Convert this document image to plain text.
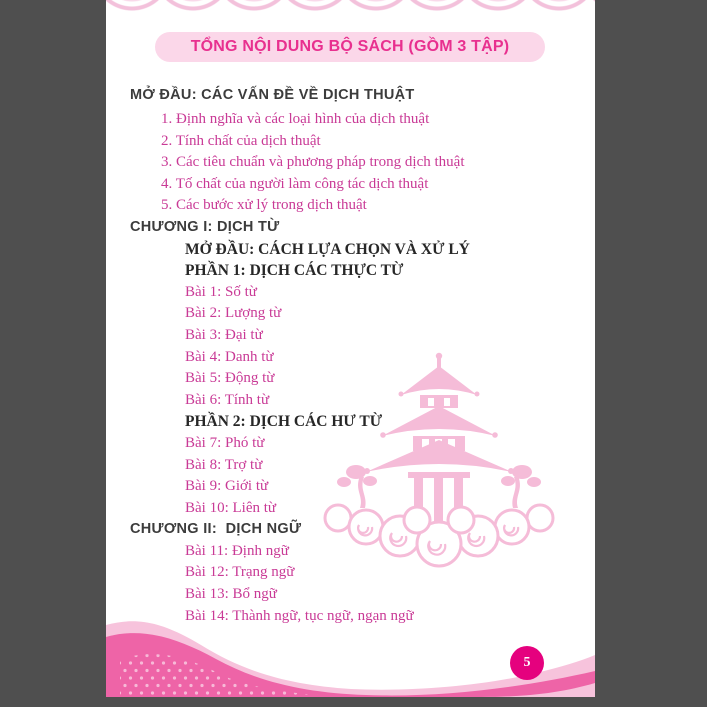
TỔNG NỘI DUNG BỘ SÁCH (GỒM 3 TẬP)
MỞ ĐẦU: CÁC VẤN ĐỀ VỀ DỊCH THUẬT
1. Định nghĩa và các loại hình của dịch thuật
2. Tính chất của dịch thuật
3. Các tiêu chuẩn và phương pháp trong dịch thuật
4. Tố chất của người làm công tác dịch thuật
5. Các bước xử lý trong dịch thuật
CHƯƠNG I: DỊCH TỪ
MỞ ĐẦU: CÁCH LỰA CHỌN VÀ XỬ LÝ
PHẦN 1: DỊCH CÁC THỰC TỪ
Bài 1: Số từ
Bài 2: Lượng từ
Bài 3: Đại từ
Bài 4: Danh từ
Bài 5: Động từ
Bài 6: Tính từ
PHẦN 2: DỊCH CÁC HƯ TỪ
Bài 7: Phó từ
Bài 8: Trợ từ
Bài 9: Giới từ
Bài 10: Liên từ
CHƯƠNG II:  DỊCH NGỮ
Bài 11: Định ngữ
Bài 12: Trạng ngữ
Bài 13: Bổ ngữ
Bài 14: Thành ngữ, tục ngữ, ngạn ngữ
5
